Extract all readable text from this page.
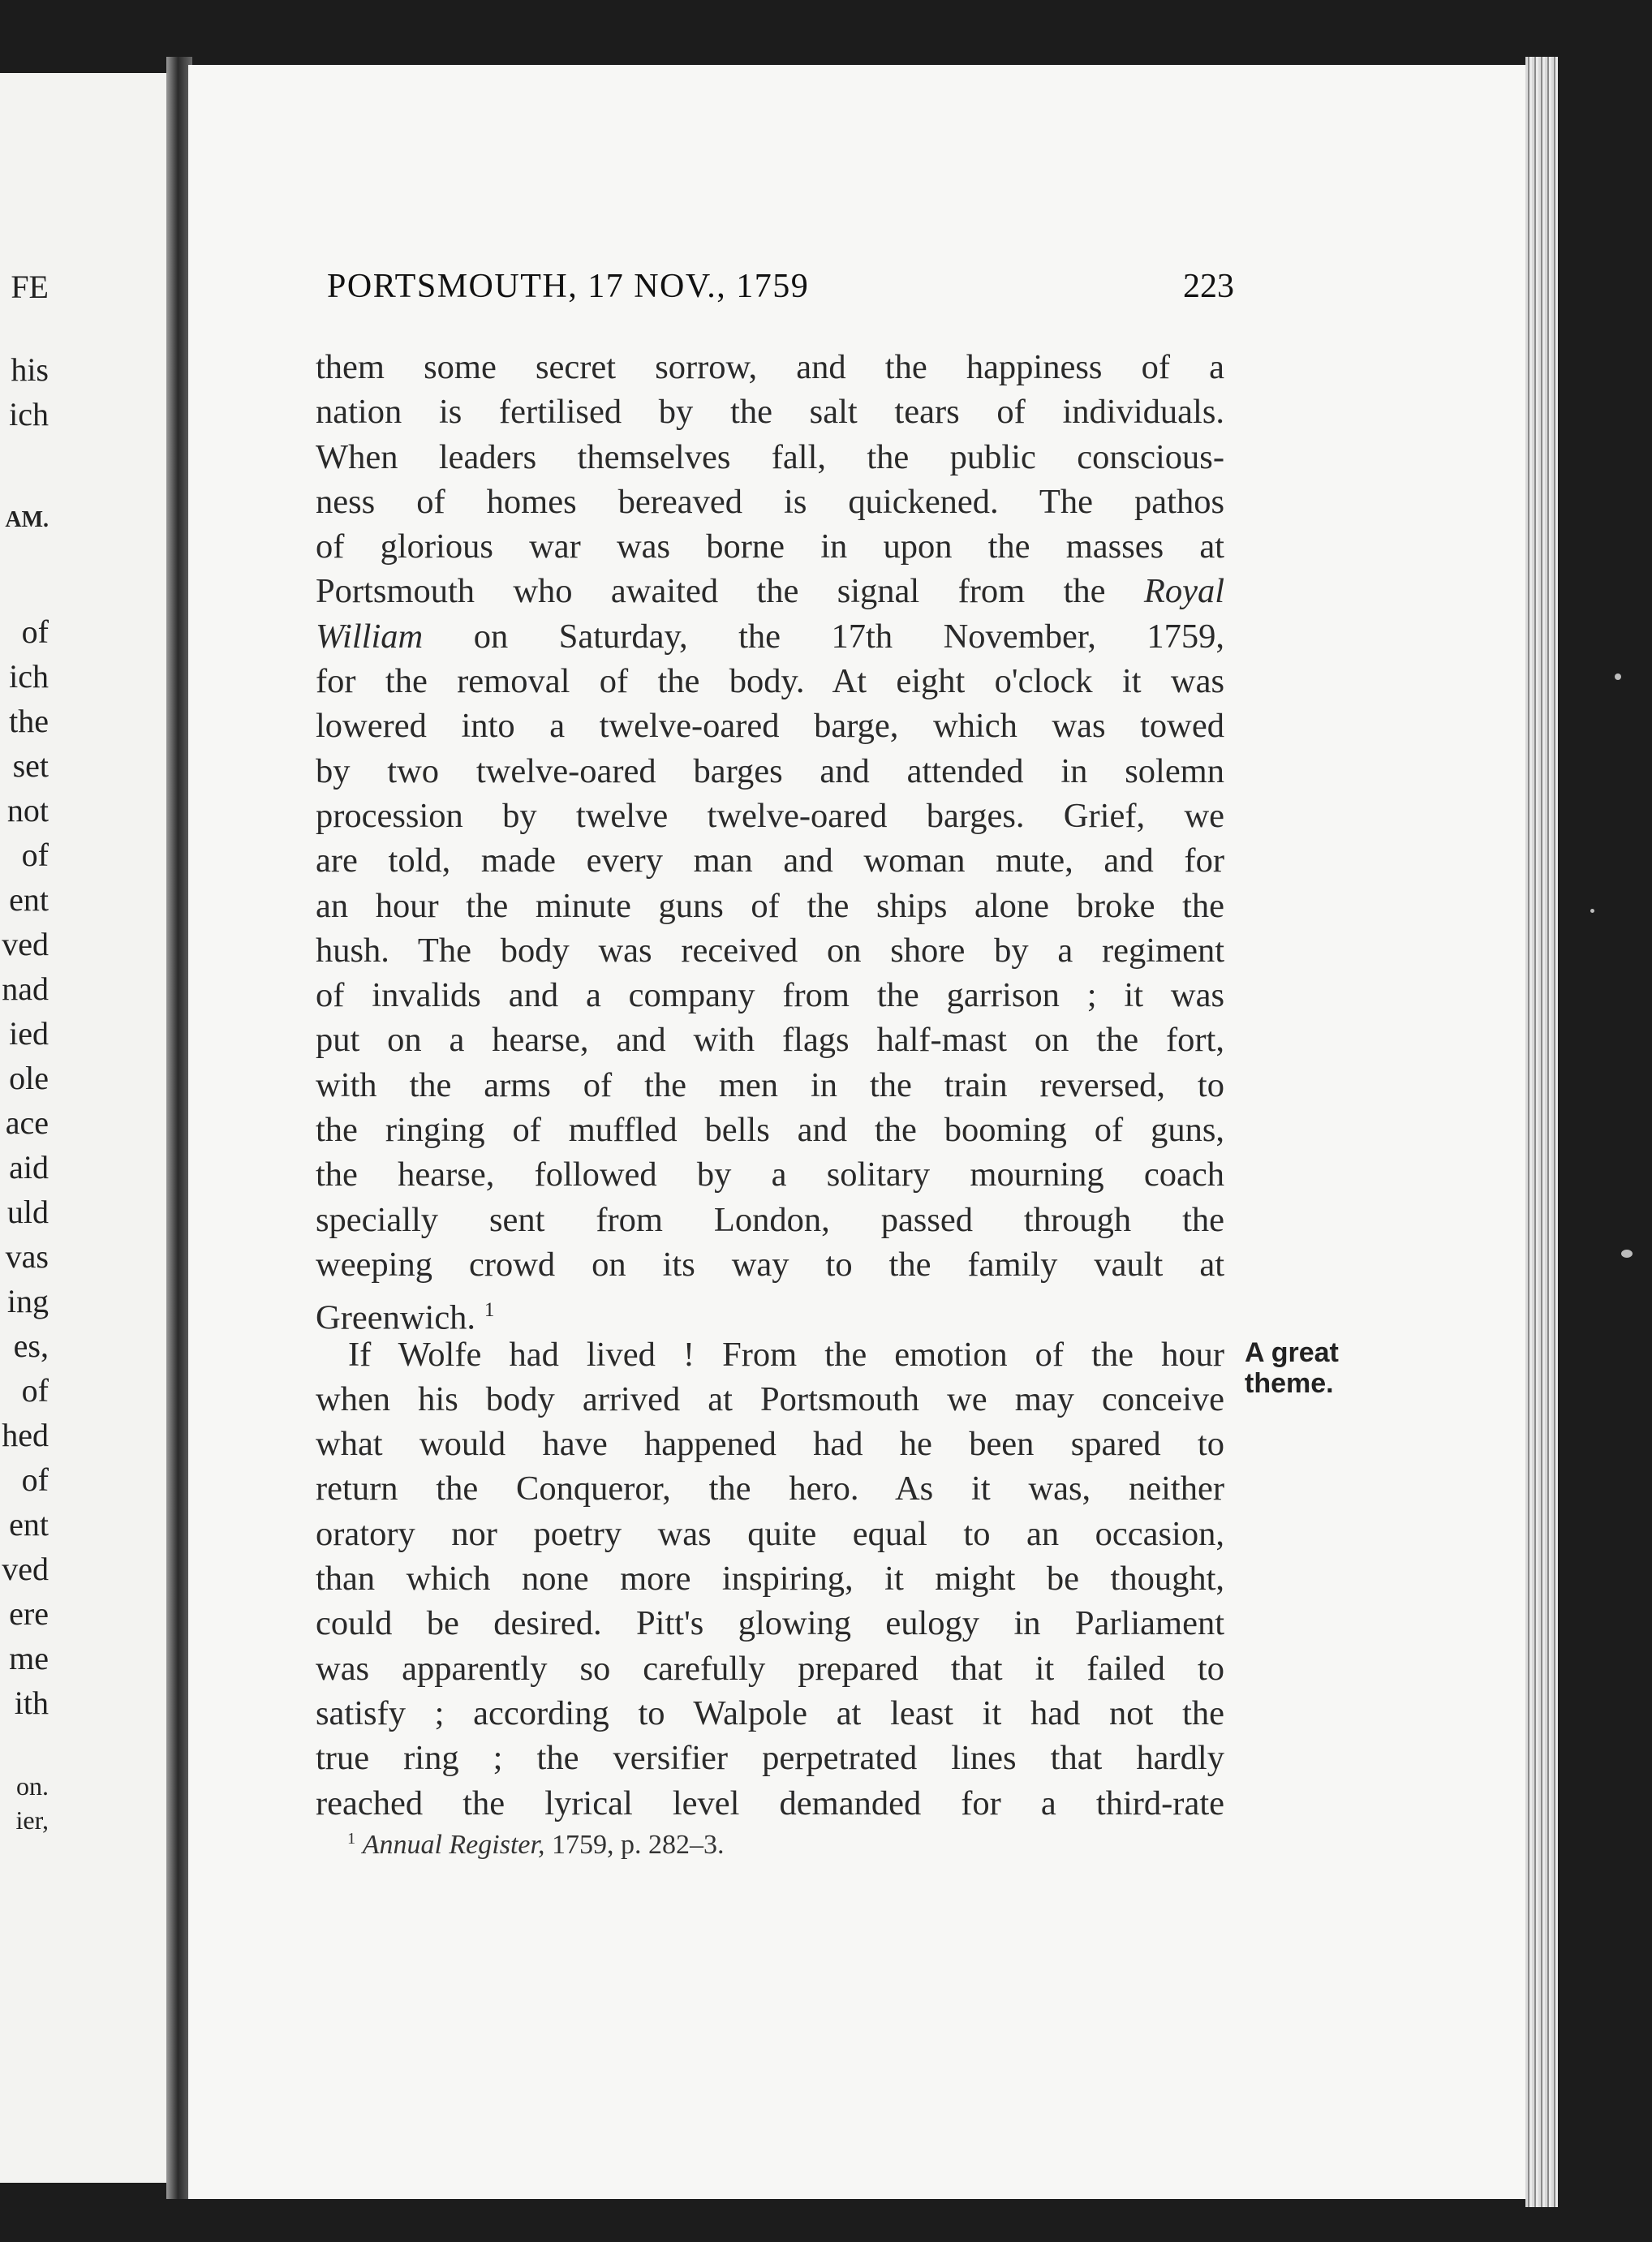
FE
his
ich
AM.
of
ich
the
set
not
of
ent
ved
nad
ied
ole
ace
aid
uld
vas
ing
es,
of
hed
of
ent
ved
ere
me
ith
on.
ier,
PORTSMOUTH, 17 NOV., 1759	223
them some secret sorrow, and the happiness of a
nation is fertilised by the salt tears of individuals.
When leaders themselves fall, the public conscious-
ness of homes bereaved is quickened. The pathos
of glorious war was borne in upon the masses at
Portsmouth who awaited the signal from the Royal
William on Saturday, the 17th November, 1759,
for the removal of the body. At eight o'clock it was
lowered into a twelve-oared barge, which was towed
by two twelve-oared barges and attended in solemn
procession by twelve twelve-oared barges. Grief, we
are told, made every man and woman mute, and for
an hour the minute guns of the ships alone broke the
hush. The body was received on shore by a regiment
of invalids and a company from the garrison ; it was
put on a hearse, and with flags half-mast on the fort,
with the arms of the men in the train reversed, to
the ringing of muffled bells and the booming of guns,
the hearse, followed by a solitary mourning coach
specially sent from London, passed through the
weeping crowd on its way to the family vault at
Greenwich. $^1$
If Wolfe had lived ! From the emotion of the hour
when his body arrived at Portsmouth we may conceive
what would have happened had he been spared to
return the Conqueror, the hero. As it was, neither
oratory nor poetry was quite equal to an occasion,
than which none more inspiring, it might be thought,
could be desired. Pitt's glowing eulogy in Parliament
was apparently so carefully prepared that it failed to
satisfy ; according to Walpole at least it had not the
true ring ; the versifier perpetrated lines that hardly
reached the lyrical level demanded for a third-rate
A great
theme.
$^1$ Annual Register, 1759, p. 282–3.
